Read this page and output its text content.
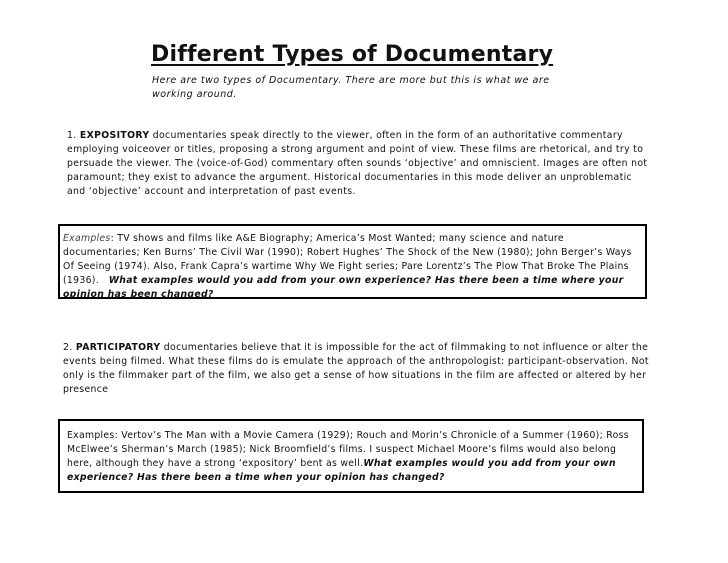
Different Types of Documentary

Here are two types of Documentary. There are more but this is what we are working around.

1. EXPOSITORY documentaries speak directly to the viewer, often in the form of an authoritative commentary employing voiceover or titles, proposing a strong argument and point of view. These films are rhetorical, and try to persuade the viewer. The (voice-of-God) commentary often sounds ‘objective’ and omniscient. Images are often not paramount; they exist to advance the argument. Historical documentaries in this mode deliver an unproblematic and ‘objective’ account and interpretation of past events.

Examples: TV shows and films like A&E Biography; America’s Most Wanted; many science and nature documentaries; Ken Burns’ The Civil War (1990); Robert Hughes’ The Shock of the New (1980); John Berger’s Ways Of Seeing (1974). Also, Frank Capra’s wartime Why We Fight series; Pare Lorentz’s The Plow That Broke The Plains (1936). What examples would you add from your own experience? Has there been a time where your opinion has been changed?

2. PARTICIPATORY documentaries believe that it is impossible for the act of filmmaking to not influence or alter the events being filmed. What these films do is emulate the approach of the anthropologist: participant-observation. Not only is the filmmaker part of the film, we also get a sense of how situations in the film are affected or altered by her presence

Examples: Vertov’s The Man with a Movie Camera (1929); Rouch and Morin’s Chronicle of a Summer (1960); Ross McElwee’s Sherman’s March (1985); Nick Broomfield’s films. I suspect Michael Moore’s films would also belong here, although they have a strong ‘expository’ bent as well.What examples would you add from your own experience? Has there been a time when your opinion has changed?
